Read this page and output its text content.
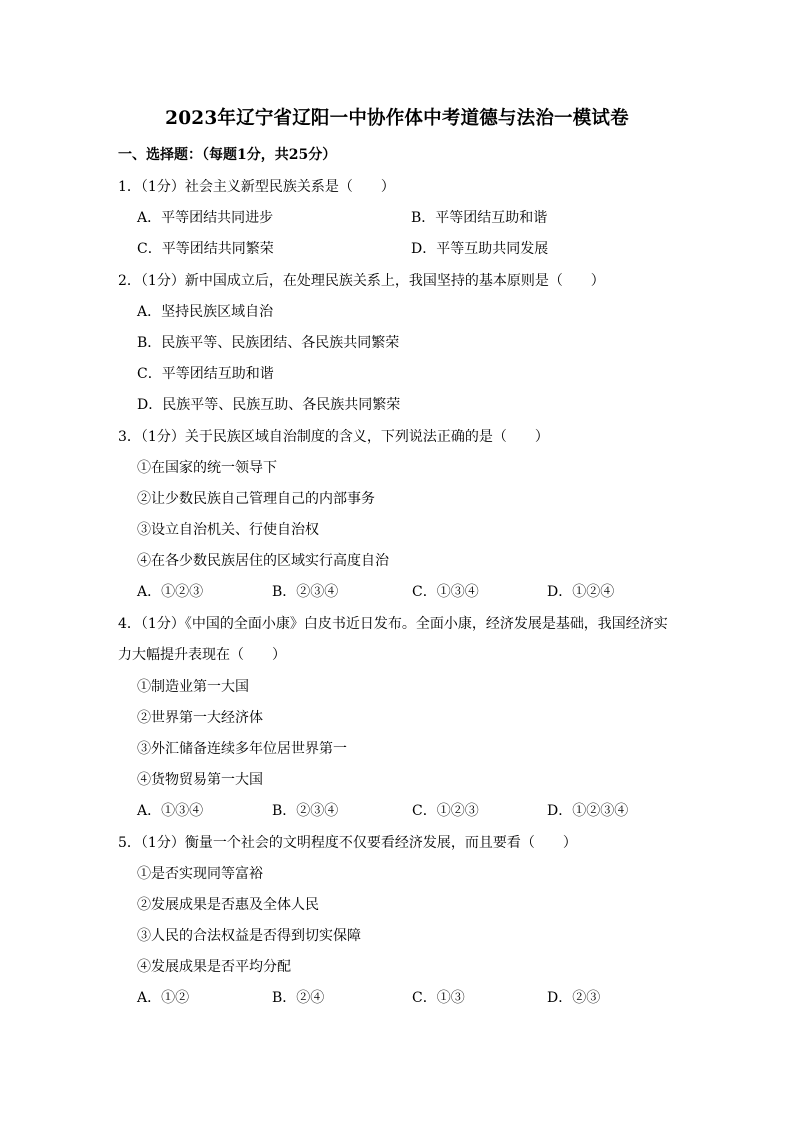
2023年辽宁省辽阳一中协作体中考道德与法治一模试卷
一、选择题：（每题1分，共25分）
1．（1分）社会主义新型民族关系是（　　）
A．平等团结共同进步	B．平等团结互助和谐
C．平等团结共同繁荣	D．平等互助共同发展
2．（1分）新中国成立后，在处理民族关系上，我国坚持的基本原则是（　　）
A．坚持民族区域自治
B．民族平等、民族团结、各民族共同繁荣
C．平等团结互助和谐
D．民族平等、民族互助、各民族共同繁荣
3．（1分）关于民族区域自治制度的含义，下列说法正确的是（　　）
①在国家的统一领导下
②让少数民族自己管理自己的内部事务
③设立自治机关、行使自治权
④在各少数民族居住的区域实行高度自治
A．①②③	B．②③④	C．①③④	D．①②④
4．（1分）《中国的全面小康》白皮书近日发布。全面小康，经济发展是基础，我国经济实
力大幅提升表现在（　　）
①制造业第一大国
②世界第一大经济体
③外汇储备连续多年位居世界第一
④货物贸易第一大国
A．①③④	B．②③④	C．①②③	D．①②③④
5．（1分）衡量一个社会的文明程度不仅要看经济发展，而且要看（　　）
①是否实现同等富裕
②发展成果是否惠及全体人民
③人民的合法权益是否得到切实保障
④发展成果是否平均分配
A．①②	B．②④	C．①③	D．②③
